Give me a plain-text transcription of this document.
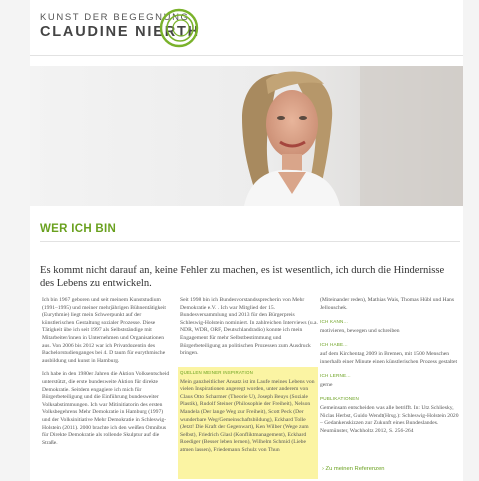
KUNST DER BEGEGNUNG
CLAUDINE NIERTH
WER ICH BIN
Es kommt nicht darauf an, keine Fehler zu machen, es ist wesentlich, ich durch die Hindernisse des Lebens zu entwickeln.

Ich bin 1967 geboren und seit meinem Kunststudium (1991–1995) und meiner mehrjährigen Bühnentätigkeit (Eurythmie) liegt mein Schwerpunkt auf der künstlerischen Gestaltung sozialer Prozesse. Diese Tätigkeit übe ich seit 1997 als Selbstständige mit Mitarbeiter/innen in Unternehmen und Organisationen aus. Von 2006 bis 2012 war ich Privatdozentin des Bachelorstudienganges bei 4. D taum für eurythmische ausbildung und kunst in Hamburg.

Ich habe in den 1980er Jahren die Aktion Volksentscheid unterstützt, die erste bundesweite Aktion für direkte Demokratie. Seitdem engagiere ich mich für Bürgerbeteiligung und die Einführung bundesweiter Volksabstimmungen. Ich war Mitinitiatorin des ersten Volksbegehrens Mehr Demokratie in Hamburg (1997) und der Volksinitiative Mehr Demokratie in Schleswig-Holstein (2011). 2000 brachte ich den weißen Omnibus für Direkte Demokratie als rollende Skulptur auf die Straße.

Seit 1998 bin ich Bundesvorstandssprecherin von Mehr Demokratie e.V. . Ich war Mitglied der 15. Bundesversammlung und 2013 für den Bürgerpreis Schleswig-Holstein nominiert. In zahlreichen Interviews (u.a. NDR, WDR, ORF, Deutschlandradio) konnte ich mein Engagement für mehr Selbstbestimmung und Bürgerbeteiligung an politischen Prozessen zum Ausdruck bringen.

QUELLEN MEINER INSPIRATION
Mein ganzheitlicher Ansatz ist im Laufe meines Lebens von vielen Inspirationen angeregt worden, unter anderem von Claus Otto Scharmer (Theorie U), Joseph Beuys (Soziale Plastik), Rudolf Steiner (Philosophie der Freiheit), Nelson Mandela (Der lange Weg zur Freiheit), Scott Peck (Der wunderbare Weg/Gemeinschaftsbildung), Eckhard Tolle (Jetzt! Die Kraft der Gegenwart), Ken Wilber (Wege zum Selbst), Friedrich Glasl (Konfliktmanagement), Eckhard Roediger (Besser leben lernen), Wilhelm Schmid (Liebe atmen lassen), Friedemann Schulz von Thun

(Miteinander reden), Mathias Wais, Thomas Hübl und Hans Jellouschek.

ICH KANN...

motivieren, bewegen und schreiben

ICH HABE...

auf dem Kirchentag 2009 in Bremen, mit 1500 Menschen innerhalb einer Minute einen künstlerischen Prozess gestaltet

ICH LERNE...

gerne

PUBLIKATIONEN

Gemeinsam entscheiden was alle betrifft. In: Utz Schliesky, Niclas Herbst, Guido Wendt(Hrsg.): Schleswig-Holstein 2020 – Gedankenskizzen zur Zukunft eines Bundeslandes. Neumünster, Wachholtz 2012, S. 256-264

› Zu meinen Referenzen
